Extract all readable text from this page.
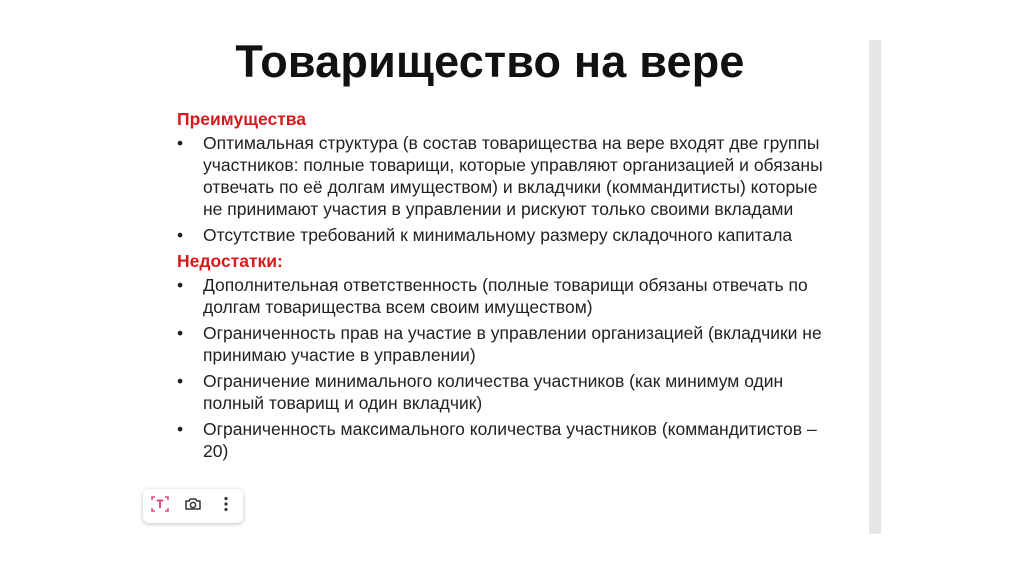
Товарищество на вере
Преимущества
•	Оптимальная структура (в состав товарищества на вере входят две группы участников: полные товарищи, которые управляют организацией и обязаны отвечать по её долгам имуществом) и вкладчики (коммандитисты) которые не принимают участия в управлении и рискуют только своими вкладами
•	Отсутствие требований к минимальному размеру складочного капитала
Недостатки:
•	Дополнительная ответственность (полные товарищи обязаны отвечать по долгам товарищества всем своим имуществом)
•	Ограниченность прав на участие в управлении организацией (вкладчики не принимаю участие в управлении)
•	Ограничение минимального количества участников (как минимум один полный товарищ и один вкладчик)
•	Ограниченность максимального количества участников (коммандитистов – 20)
